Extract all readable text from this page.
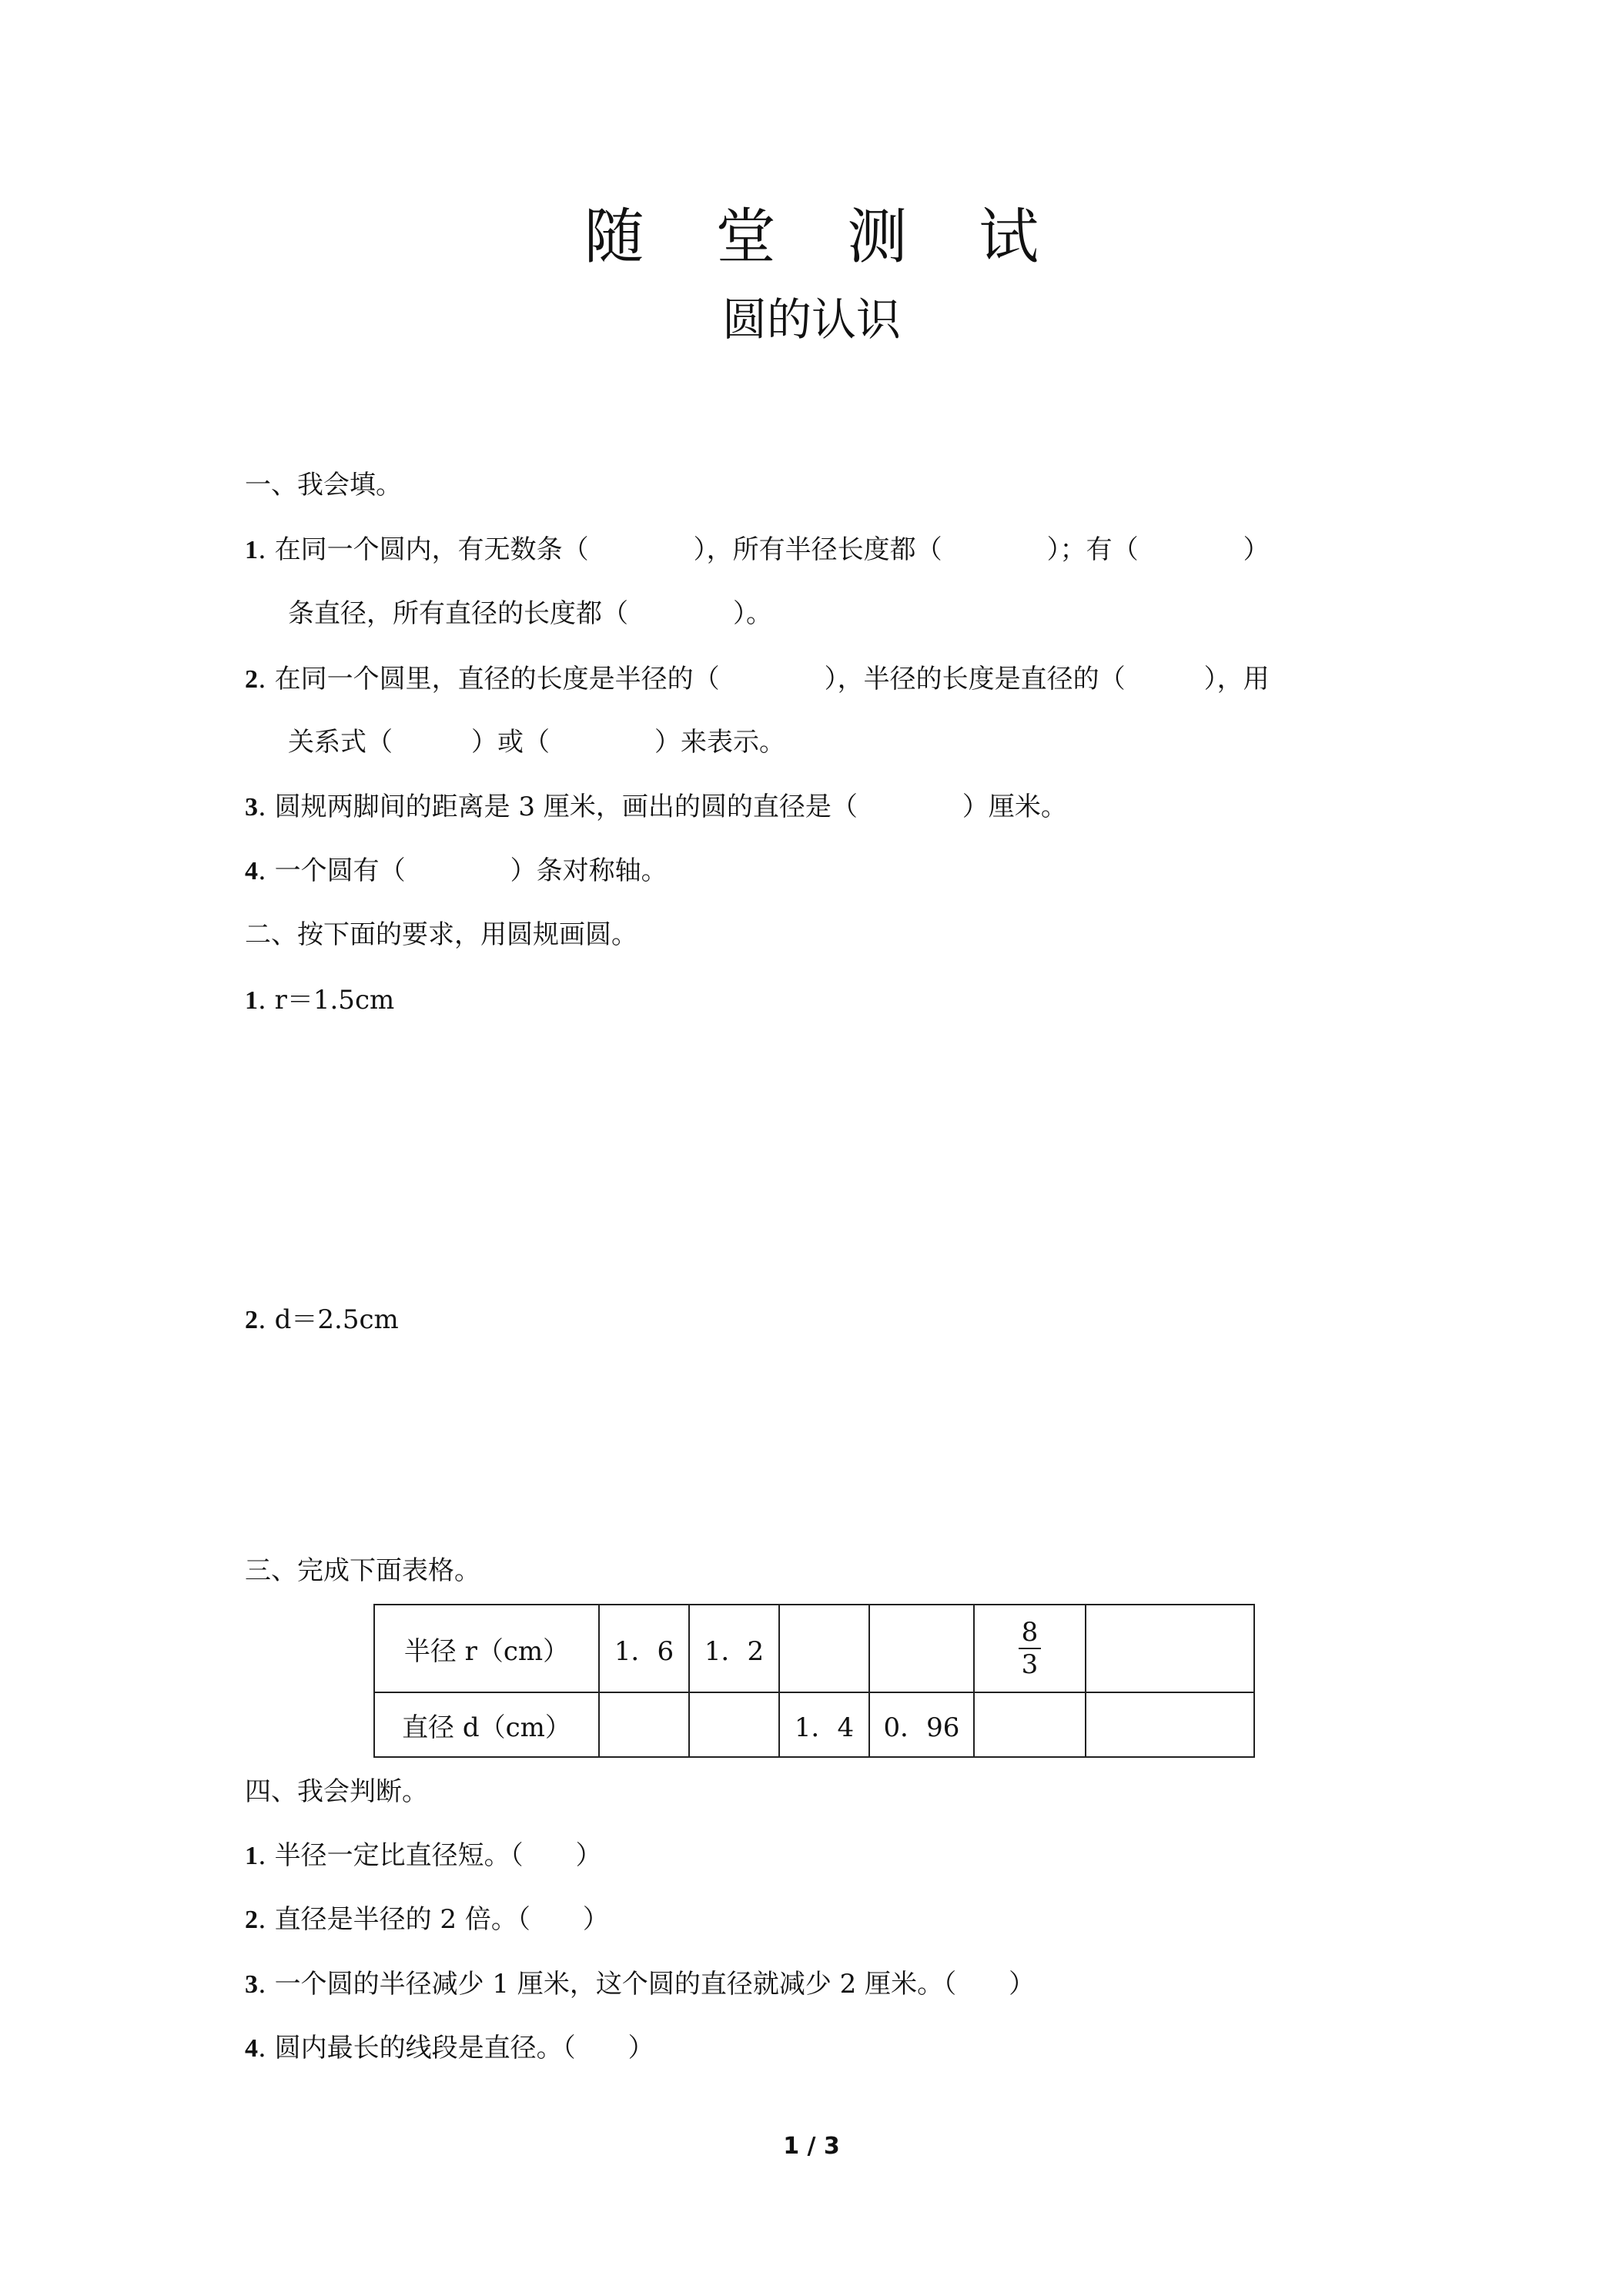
随 堂 测 试
圆的认识
一、我会填。
1. 在同一个圆内，有无数条（　　　　），所有半径长度都（　　　　）；有（　　　　）
条直径，所有直径的长度都（　　　　）。
2. 在同一个圆里，直径的长度是半径的（　　　　），半径的长度是直径的（　　　），用
关系式（　　　）或（　　　　）来表示。
3. 圆规两脚间的距离是 3 厘米，画出的圆的直径是（　　　　）厘米。
4. 一个圆有（　　　　）条对称轴。
二、按下面的要求，用圆规画圆。
1. r＝1.5cm
2. d＝2.5cm
三、完成下面表格。
半径 r（cm）	1．6	1．2			$\frac{8}{3}$

直径 d（cm）			1．4	0．96		
四、我会判断。
1. 半径一定比直径短。（　　）
2. 直径是半径的 2 倍。（　　）
3. 一个圆的半径减少 1 厘米，这个圆的直径就减少 2 厘米。（　　）
4. 圆内最长的线段是直径。（　　）
1 / 3
